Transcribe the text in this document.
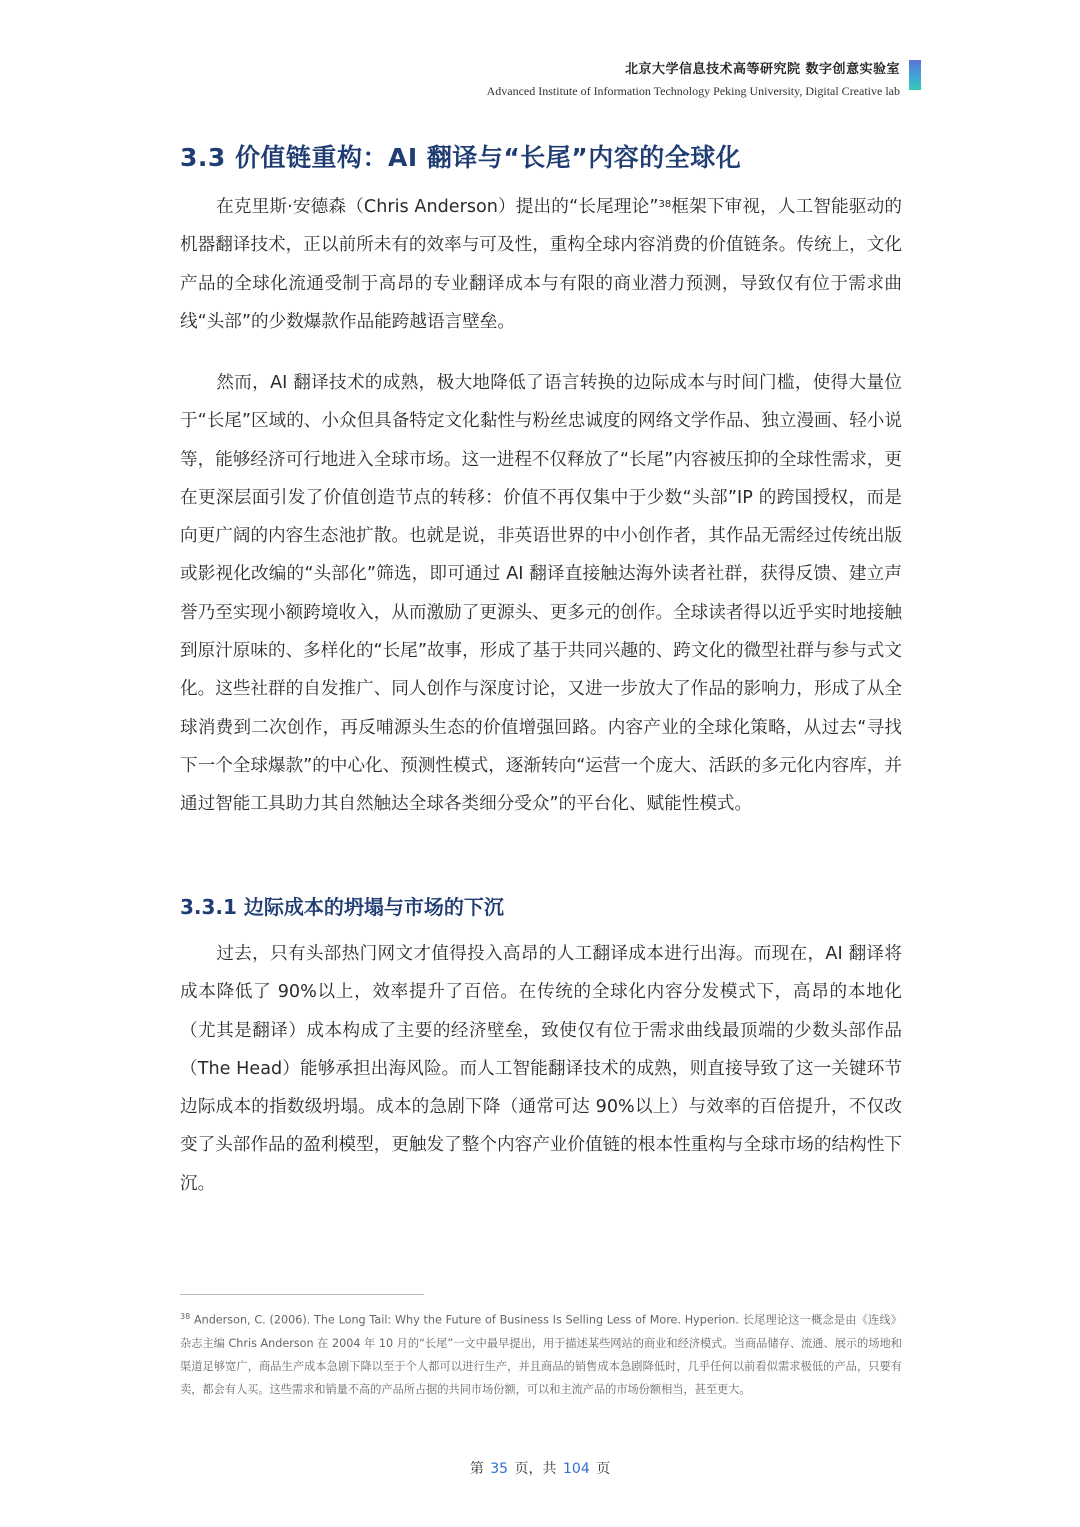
北京大学信息技术高等研究院 数字创意实验室
Advanced Institute of Information Technology Peking University, Digital Creative lab
3.3 价值链重构：AI 翻译与“长尾”内容的全球化
在克里斯·安德森（Chris Anderson）提出的“长尾理论”$^{38}$框架下审视，人工智能驱动的机器翻译技术，正以前所未有的效率与可及性，重构全球内容消费的价值链条。传统上，文化产品的全球化流通受制于高昂的专业翻译成本与有限的商业潜力预测，导致仅有位于需求曲线“头部”的少数爆款作品能跨越语言壁垒。
然而，AI 翻译技术的成熟，极大地降低了语言转换的边际成本与时间门槛，使得大量位于“长尾”区域的、小众但具备特定文化黏性与粉丝忠诚度的网络文学作品、独立漫画、轻小说等，能够经济可行地进入全球市场。这一进程不仅释放了“长尾”内容被压抑的全球性需求，更在更深层面引发了价值创造节点的转移：价值不再仅集中于少数“头部”IP 的跨国授权，而是向更广阔的内容生态池扩散。也就是说，非英语世界的中小创作者，其作品无需经过传统出版或影视化改编的“头部化”筛选，即可通过 AI 翻译直接触达海外读者社群，获得反馈、建立声誉乃至实现小额跨境收入，从而激励了更源头、更多元的创作。全球读者得以近乎实时地接触到原汁原味的、多样化的“长尾”故事，形成了基于共同兴趣的、跨文化的微型社群与参与式文化。这些社群的自发推广、同人创作与深度讨论，又进一步放大了作品的影响力，形成了从全球消费到二次创作，再反哺源头生态的价值增强回路。内容产业的全球化策略，从过去“寻找下一个全球爆款”的中心化、预测性模式，逐渐转向“运营一个庞大、活跃的多元化内容库，并通过智能工具助力其自然触达全球各类细分受众”的平台化、赋能性模式。
3.3.1 边际成本的坍塌与市场的下沉
过去，只有头部热门网文才值得投入高昂的人工翻译成本进行出海。而现在，AI 翻译将成本降低了 90%以上，效率提升了百倍。在传统的全球化内容分发模式下，高昂的本地化（尤其是翻译）成本构成了主要的经济壁垒，致使仅有位于需求曲线最顶端的少数头部作品（The Head）能够承担出海风险。而人工智能翻译技术的成熟，则直接导致了这一关键环节边际成本的指数级坍塌。成本的急剧下降（通常可达 90%以上）与效率的百倍提升，不仅改变了头部作品的盈利模型，更触发了整个内容产业价值链的根本性重构与全球市场的结构性下沉。
$^{38}$ Anderson, C. (2006). The Long Tail: Why the Future of Business Is Selling Less of More. Hyperion. 长尾理论这一概念是由《连线》杂志主编 Chris Anderson 在 2004 年 10 月的“长尾”一文中最早提出，用于描述某些网站的商业和经济模式。当商品储存、流通、展示的场地和渠道足够宽广，商品生产成本急剧下降以至于个人都可以进行生产，并且商品的销售成本急剧降低时，几乎任何以前看似需求极低的产品，只要有卖，都会有人买。这些需求和销量不高的产品所占据的共同市场份额，可以和主流产品的市场份额相当，甚至更大。
第 35 页，共 104 页
